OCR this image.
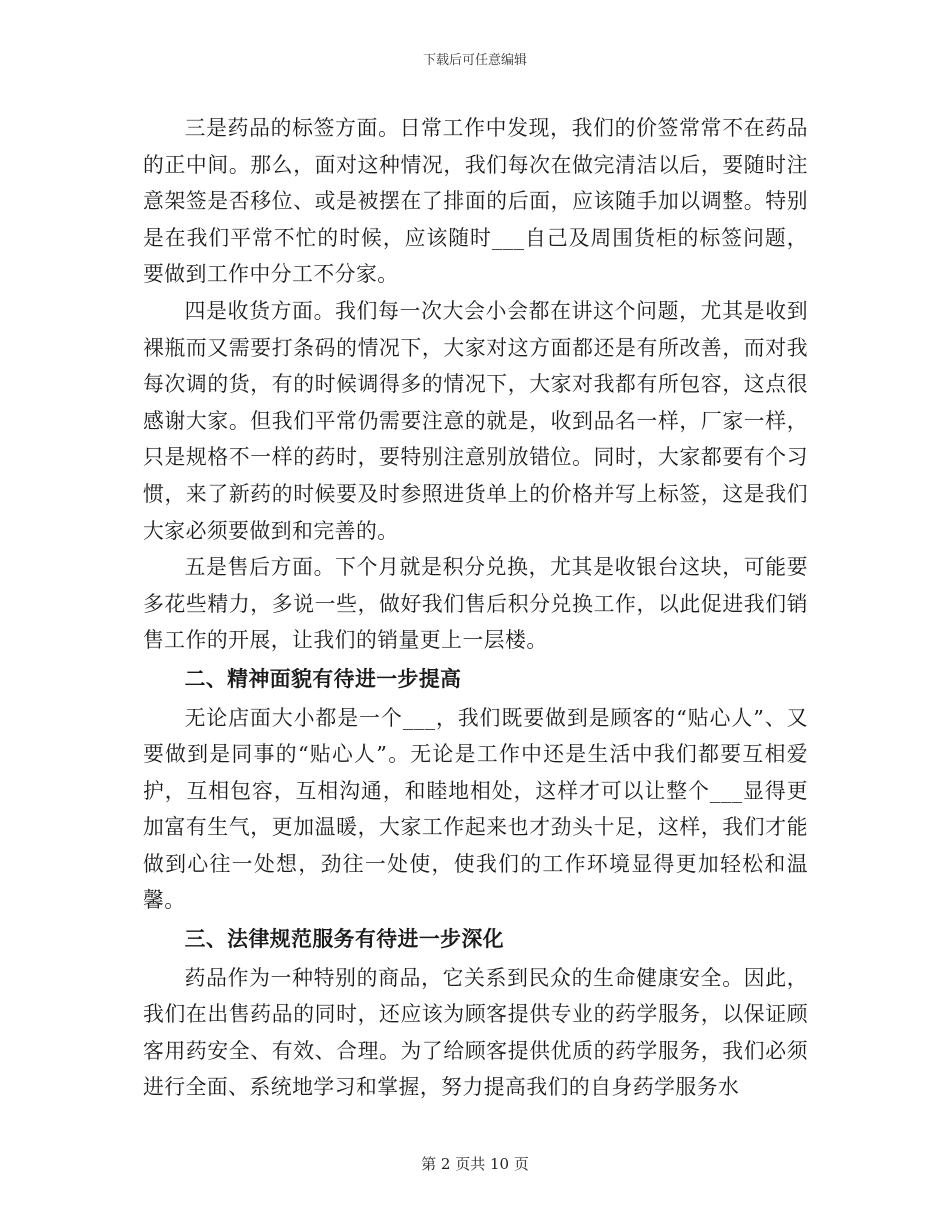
下载后可任意编辑

三是药品的标签方面。日常工作中发现，我们的价签常常不在药品的正中间。那么，面对这种情况，我们每次在做完清洁以后，要随时注意架签是否移位、或是被摆在了排面的后面，应该随手加以调整。特别是在我们平常不忙的时候，应该随时___自己及周围货柜的标签问题，要做到工作中分工不分家。

四是收货方面。我们每一次大会小会都在讲这个问题，尤其是收到裸瓶而又需要打条码的情况下，大家对这方面都还是有所改善，而对我每次调的货，有的时候调得多的情况下，大家对我都有所包容，这点很感谢大家。但我们平常仍需要注意的就是，收到品名一样，厂家一样，只是规格不一样的药时，要特别注意别放错位。同时，大家都要有个习惯，来了新药的时候要及时参照进货单上的价格并写上标签，这是我们大家必须要做到和完善的。

五是售后方面。下个月就是积分兑换，尤其是收银台这块，可能要多花些精力，多说一些，做好我们售后积分兑换工作，以此促进我们销售工作的开展，让我们的销量更上一层楼。

二、精神面貌有待进一步提高

无论店面大小都是一个___，我们既要做到是顾客的“贴心人”、又要做到是同事的“贴心人”。无论是工作中还是生活中我们都要互相爱护，互相包容，互相沟通，和睦地相处，这样才可以让整个___显得更加富有生气，更加温暖，大家工作起来也才劲头十足，这样，我们才能做到心往一处想，劲往一处使，使我们的工作环境显得更加轻松和温馨。

三、法律规范服务有待进一步深化

药品作为一种特别的商品，它关系到民众的生命健康安全。因此，我们在出售药品的同时，还应该为顾客提供专业的药学服务，以保证顾客用药安全、有效、合理。为了给顾客提供优质的药学服务，我们必须进行全面、系统地学习和掌握，努力提高我们的自身药学服务水

第 2 页共 10 页
